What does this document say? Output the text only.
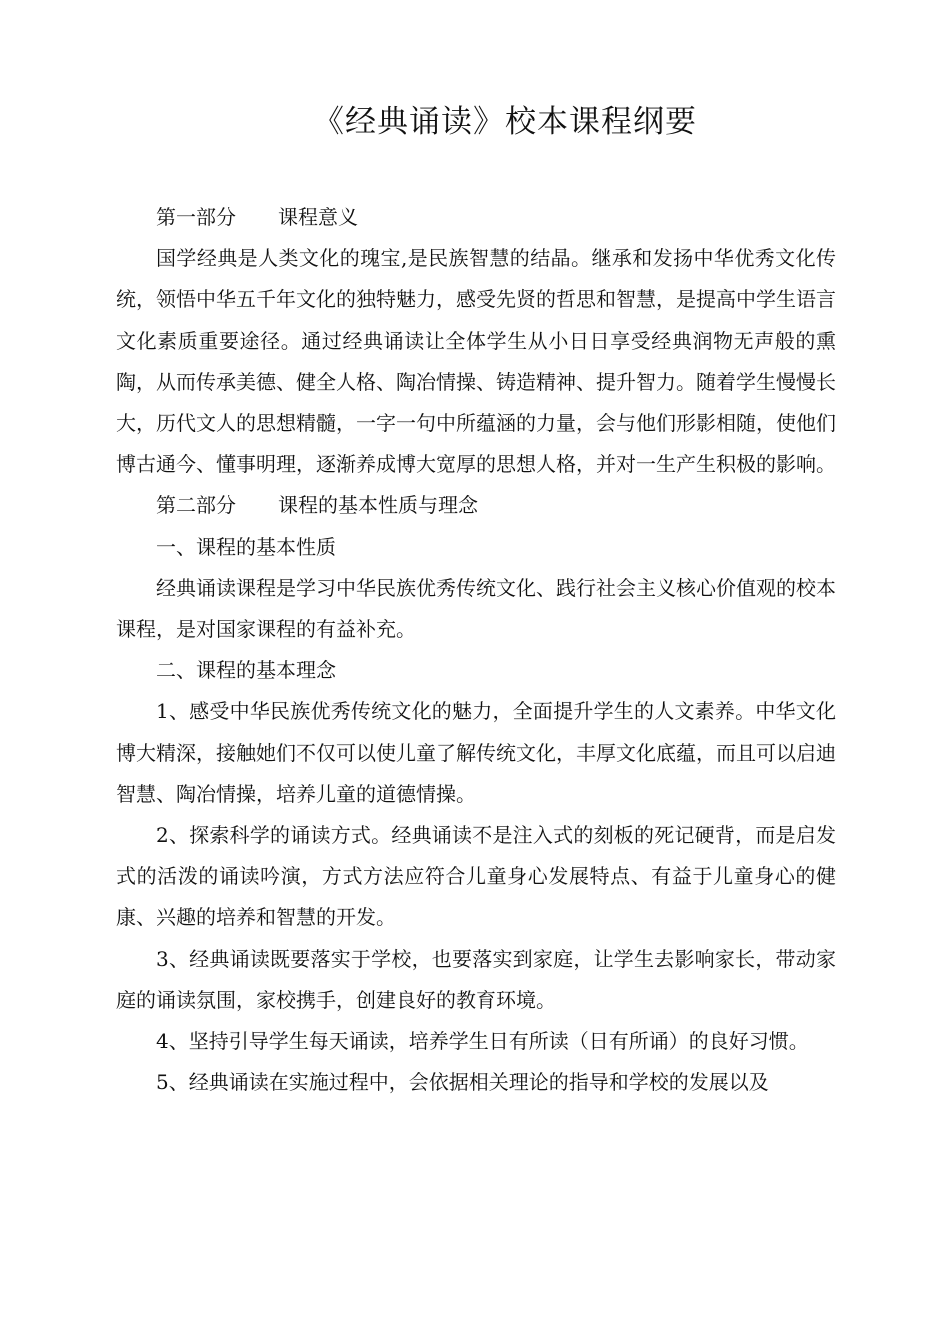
《经典诵读》校本课程纲要

第一部分 课程意义

国学经典是人类文化的瑰宝,是民族智慧的结晶。继承和发扬中华优秀文化传统，领悟中华五千年文化的独特魅力，感受先贤的哲思和智慧，是提高中学生语言文化素质重要途径。通过经典诵读让全体学生从小日日享受经典润物无声般的熏陶，从而传承美德、健全人格、陶冶情操、铸造精神、提升智力。随着学生慢慢长大，历代文人的思想精髓，一字一句中所蕴涵的力量，会与他们形影相随，使他们博古通今、懂事明理，逐渐养成博大宽厚的思想人格，并对一生产生积极的影响。

第二部分 课程的基本性质与理念

一、课程的基本性质

经典诵读课程是学习中华民族优秀传统文化、践行社会主义核心价值观的校本课程，是对国家课程的有益补充。

二、课程的基本理念

1、感受中华民族优秀传统文化的魅力，全面提升学生的人文素养。中华文化博大精深，接触她们不仅可以使儿童了解传统文化，丰厚文化底蕴，而且可以启迪智慧、陶冶情操，培养儿童的道德情操。

2、探索科学的诵读方式。经典诵读不是注入式的刻板的死记硬背，而是启发式的活泼的诵读吟演，方式方法应符合儿童身心发展特点、有益于儿童身心的健康、兴趣的培养和智慧的开发。

3、经典诵读既要落实于学校，也要落实到家庭，让学生去影响家长，带动家庭的诵读氛围，家校携手，创建良好的教育环境。

4、坚持引导学生每天诵读，培养学生日有所读（日有所诵）的良好习惯。

5、经典诵读在实施过程中，会依据相关理论的指导和学校的发展以及
